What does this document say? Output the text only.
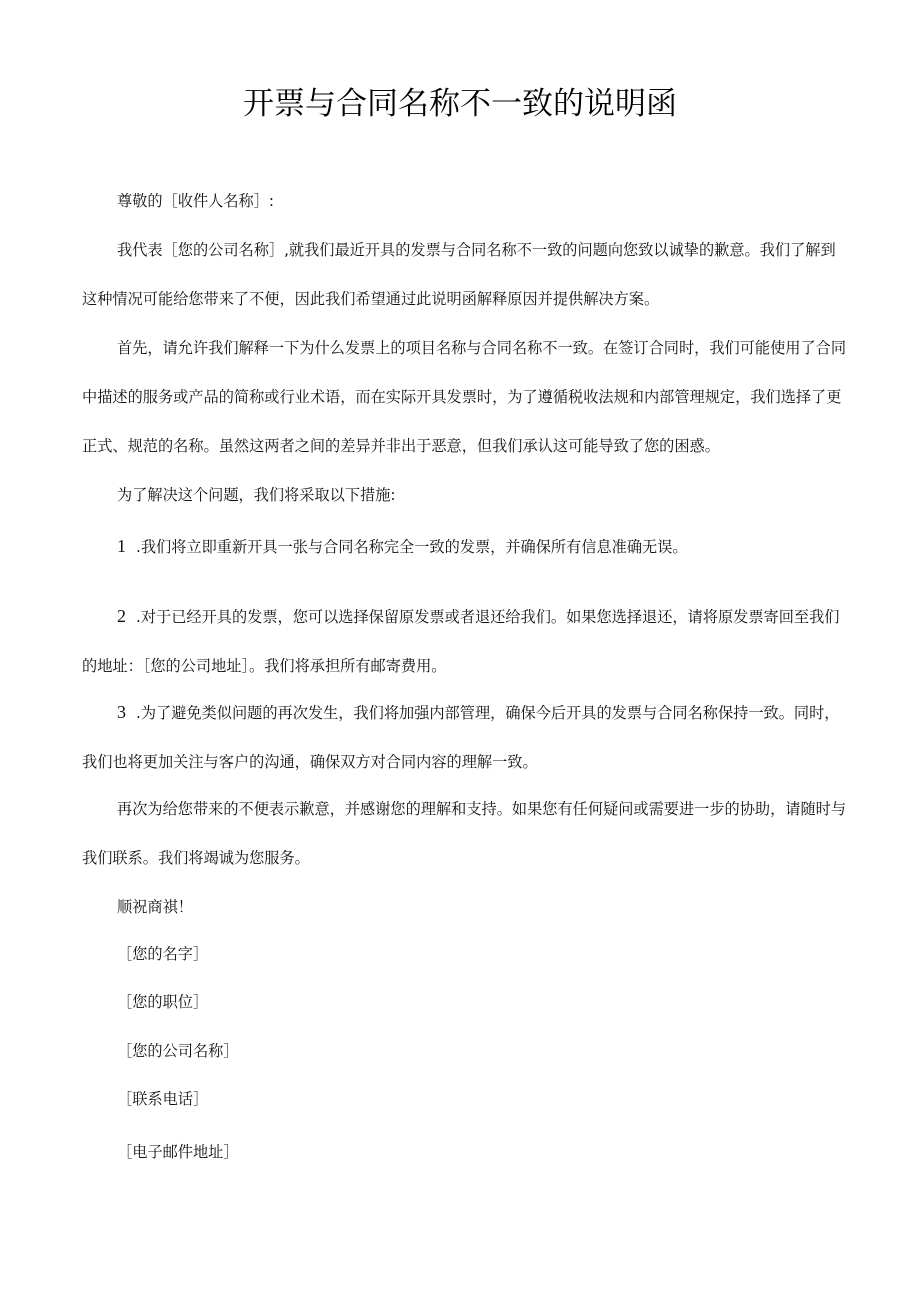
开票与合同名称不一致的说明函
尊敬的［收件人名称］:
我代表［您的公司名称］,就我们最近开具的发票与合同名称不一致的问题向您致以诚挚的歉意。我们了解到这种情况可能给您带来了不便，因此我们希望通过此说明函解释原因并提供解决方案。
首先，请允许我们解释一下为什么发票上的项目名称与合同名称不一致。在签订合同时，我们可能使用了合同中描述的服务或产品的简称或行业术语，而在实际开具发票时，为了遵循税收法规和内部管理规定，我们选择了更正式、规范的名称。虽然这两者之间的差异并非出于恶意，但我们承认这可能导致了您的困惑。
为了解决这个问题，我们将采取以下措施:
1 .我们将立即重新开具一张与合同名称完全一致的发票，并确保所有信息准确无误。
2 .对于已经开具的发票，您可以选择保留原发票或者退还给我们。如果您选择退还，请将原发票寄回至我们的地址：［您的公司地址］。我们将承担所有邮寄费用。
3 .为了避免类似问题的再次发生，我们将加强内部管理，确保今后开具的发票与合同名称保持一致。同时，我们也将更加关注与客户的沟通，确保双方对合同内容的理解一致。
再次为给您带来的不便表示歉意，并感谢您的理解和支持。如果您有任何疑问或需要进一步的协助，请随时与我们联系。我们将竭诚为您服务。
顺祝商祺！
［您的名字］
［您的职位］
［您的公司名称］
［联系电话］
［电子邮件地址］
